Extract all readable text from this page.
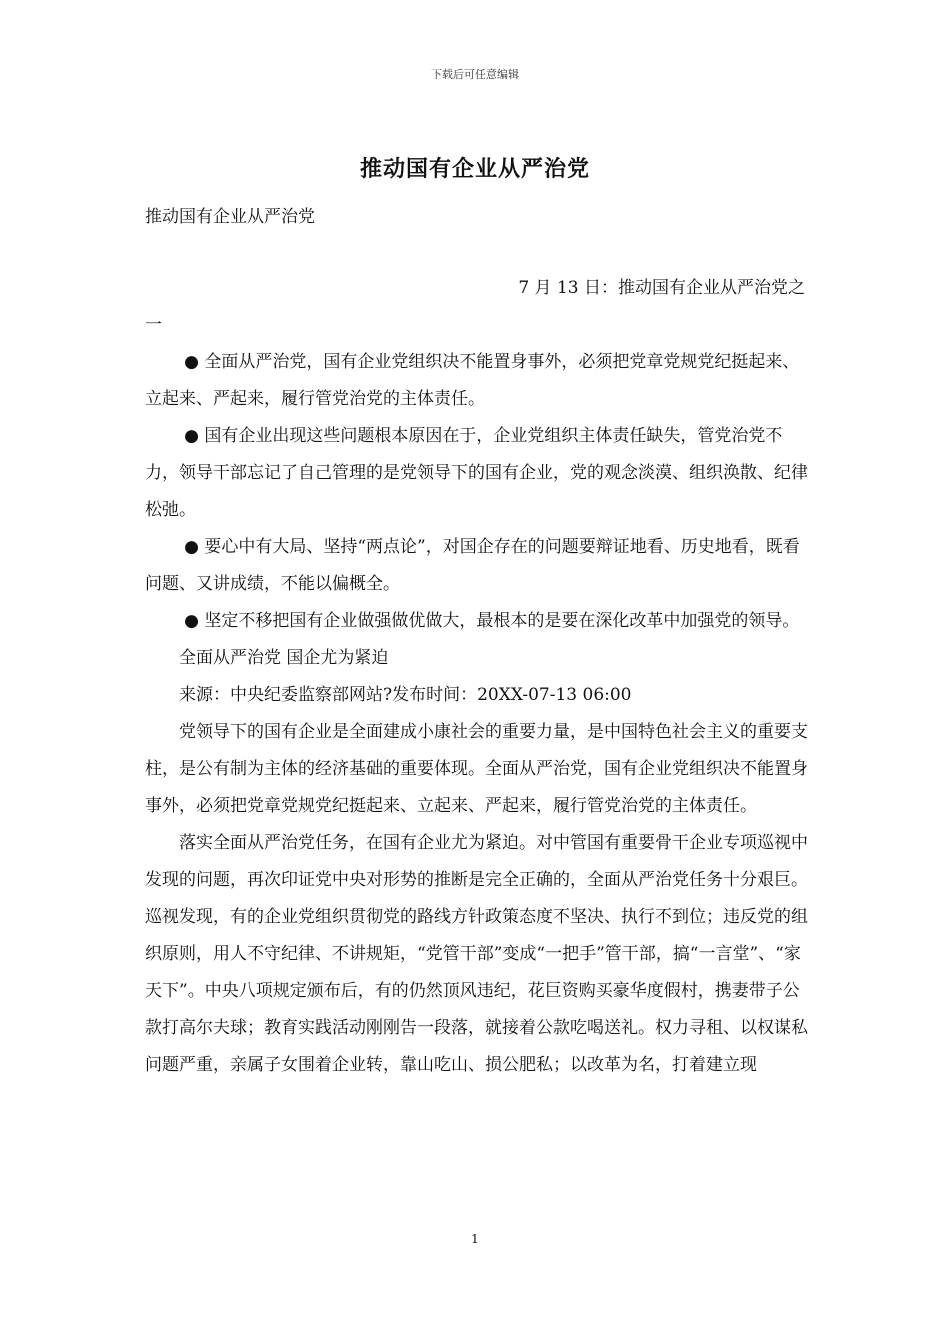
下载后可任意编辑
推动国有企业从严治党
推动国有企业从严治党

7 月 13 日：推动国有企业从严治党之

一

● 全面从严治党，国有企业党组织决不能置身事外，必须把党章党规党纪挺起来、立起来、严起来，履行管党治党的主体责任。

● 国有企业出现这些问题根本原因在于，企业党组织主体责任缺失，管党治党不力，领导干部忘记了自己管理的是党领导下的国有企业，党的观念淡漠、组织涣散、纪律松弛。

● 要心中有大局、坚持“两点论”，对国企存在的问题要辩证地看、历史地看，既看问题、又讲成绩，不能以偏概全。

● 坚定不移把国有企业做强做优做大，最根本的是要在深化改革中加强党的领导。

全面从严治党 国企尤为紧迫

来源：中央纪委监察部网站?发布时间：20XX-07-13 06:00

党领导下的国有企业是全面建成小康社会的重要力量，是中国特色社会主义的重要支柱，是公有制为主体的经济基础的重要体现。全面从严治党，国有企业党组织决不能置身事外，必须把党章党规党纪挺起来、立起来、严起来，履行管党治党的主体责任。

落实全面从严治党任务，在国有企业尤为紧迫。对中管国有重要骨干企业专项巡视中发现的问题，再次印证党中央对形势的推断是完全正确的，全面从严治党任务十分艰巨。巡视发现，有的企业党组织贯彻党的路线方针政策态度不坚决、执行不到位；违反党的组织原则，用人不守纪律、不讲规矩，“党管干部”变成“一把手”管干部，搞“一言堂”、“家天下”。中央八项规定颁布后，有的仍然顶风违纪，花巨资购买豪华度假村，携妻带子公款打高尔夫球；教育实践活动刚刚告一段落，就接着公款吃喝送礼。权力寻租、以权谋私问题严重，亲属子女围着企业转，靠山吃山、损公肥私；以改革为名，打着建立现

1
